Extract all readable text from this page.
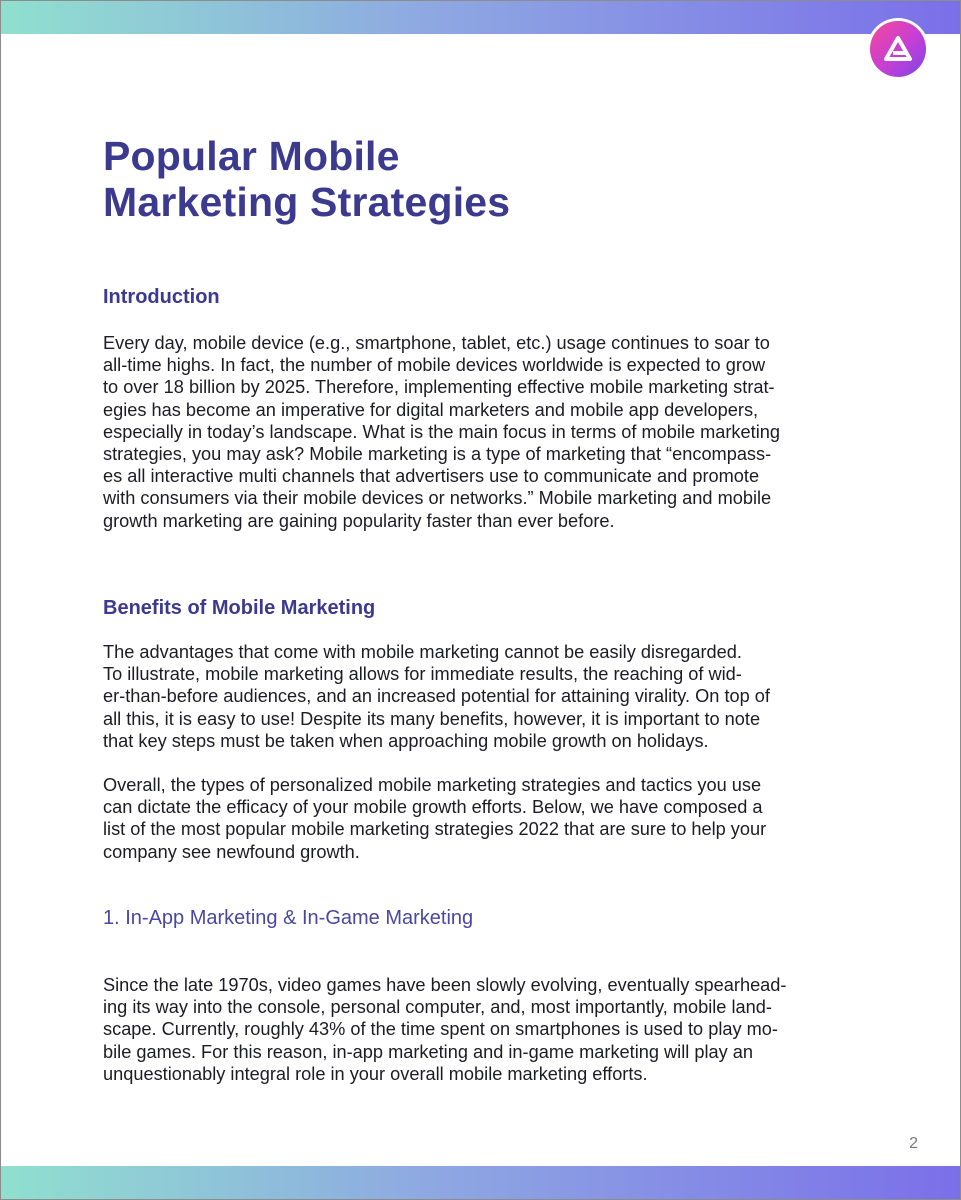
Popular Mobile
Marketing Strategies
Introduction

Every day, mobile device (e.g., smartphone, tablet, etc.) usage continues to soar to
all-time highs. In fact, the number of mobile devices worldwide is expected to grow
to over 18 billion by 2025. Therefore, implementing effective mobile marketing strat-
egies has become an imperative for digital marketers and mobile app developers,
especially in today’s landscape. What is the main focus in terms of mobile marketing
strategies, you may ask? Mobile marketing is a type of marketing that “encompass-
es all interactive multi channels that advertisers use to communicate and promote
with consumers via their mobile devices or networks.” Mobile marketing and mobile
growth marketing are gaining popularity faster than ever before.

Benefits of Mobile Marketing

The advantages that come with mobile marketing cannot be easily disregarded.
To illustrate, mobile marketing allows for immediate results, the reaching of wid-
er-than-before audiences, and an increased potential for attaining virality. On top of
all this, it is easy to use! Despite its many benefits, however, it is important to note
that key steps must be taken when approaching mobile growth on holidays.

Overall, the types of personalized mobile marketing strategies and tactics you use
can dictate the efficacy of your mobile growth efforts. Below, we have composed a
list of the most popular mobile marketing strategies 2022 that are sure to help your
company see newfound growth.

1. In-App Marketing & In-Game Marketing

Since the late 1970s, video games have been slowly evolving, eventually spearhead-
ing its way into the console, personal computer, and, most importantly, mobile land-
scape. Currently, roughly 43% of the time spent on smartphones is used to play mo-
bile games. For this reason, in-app marketing and in-game marketing will play an
unquestionably integral role in your overall mobile marketing efforts.

2
